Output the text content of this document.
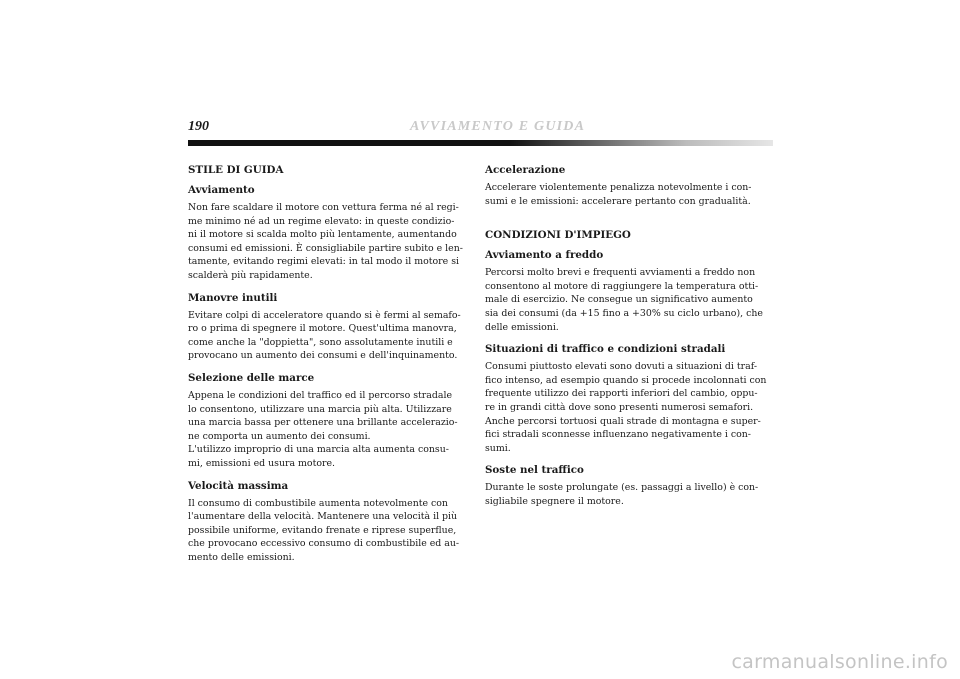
190	AVVIAMENTO E GUIDA
STILE DI GUIDA
Avviamento

Non fare scaldare il motore con vettura ferma né al regi-
me minimo né ad un regime elevato: in queste condizio-
ni il motore si scalda molto più lentamente, aumentando
consumi ed emissioni. È consigliabile partire subito e len-
tamente, evitando regimi elevati: in tal modo il motore si
scalderà più rapidamente.

Manovre inutili

Evitare colpi di acceleratore quando si è fermi al semafo-
ro o prima di spegnere il motore. Quest'ultima manovra,
come anche la "doppietta", sono assolutamente inutili e
provocano un aumento dei consumi e dell'inquinamento.

Selezione delle marce

Appena le condizioni del traffico ed il percorso stradale
lo consentono, utilizzare una marcia più alta. Utilizzare
una marcia bassa per ottenere una brillante accelerazio-
ne comporta un aumento dei consumi.
L'utilizzo improprio di una marcia alta aumenta consu-
mi, emissioni ed usura motore.

Velocità massima

Il consumo di combustibile aumenta notevolmente con
l'aumentare della velocità. Mantenere una velocità il più
possibile uniforme, evitando frenate e riprese superflue,
che provocano eccessivo consumo di combustibile ed au-
mento delle emissioni.

Accelerazione

Accelerare violentemente penalizza notevolmente i con-
sumi e le emissioni: accelerare pertanto con gradualità.

CONDIZIONI D'IMPIEGO
Avviamento a freddo

Percorsi molto brevi e frequenti avviamenti a freddo non
consentono al motore di raggiungere la temperatura otti-
male di esercizio. Ne consegue un significativo aumento
sia dei consumi (da +15 fino a +30% su ciclo urbano), che
delle emissioni.

Situazioni di traffico e condizioni stradali

Consumi piuttosto elevati sono dovuti a situazioni di traf-
fico intenso, ad esempio quando si procede incolonnati con
frequente utilizzo dei rapporti inferiori del cambio, oppu-
re in grandi città dove sono presenti numerosi semafori.
Anche percorsi tortuosi quali strade di montagna e super-
fici stradali sconnesse influenzano negativamente i con-
sumi.

Soste nel traffico

Durante le soste prolungate (es. passaggi a livello) è con-
sigliabile spegnere il motore.

carmanualsonline.info
